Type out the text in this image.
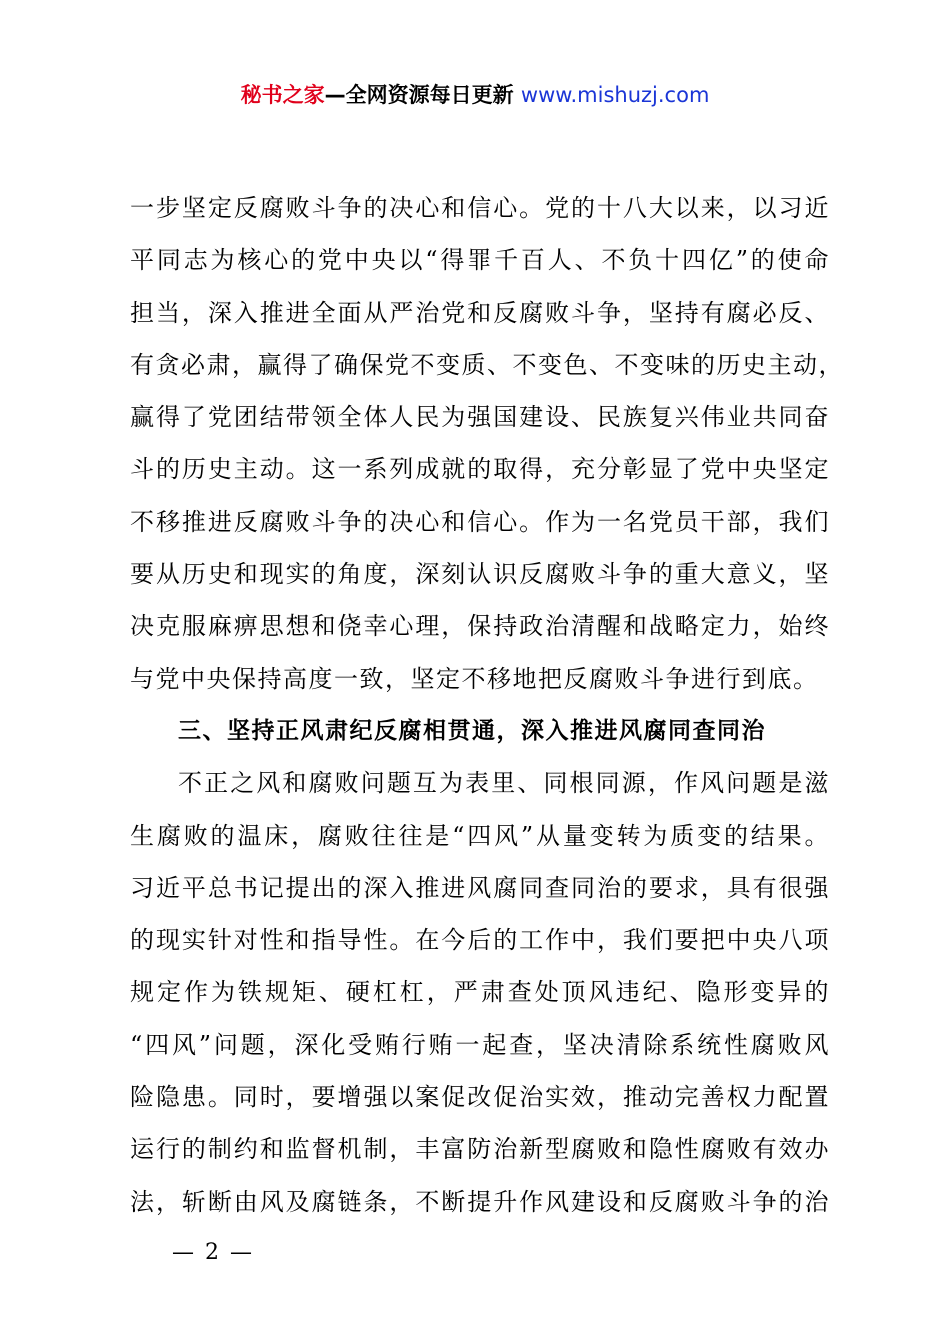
秘书之家—全网资源每日更新 www.mishuzj.com
一步坚定反腐败斗争的决心和信心。党的十八大以来，以习近
平同志为核心的党中央以“得罪千百人、不负十四亿”的使命
担当，深入推进全面从严治党和反腐败斗争，坚持有腐必反、
有贪必肃，赢得了确保党不变质、不变色、不变味的历史主动，
赢得了党团结带领全体人民为强国建设、民族复兴伟业共同奋
斗的历史主动。这一系列成就的取得，充分彰显了党中央坚定
不移推进反腐败斗争的决心和信心。作为一名党员干部，我们
要从历史和现实的角度，深刻认识反腐败斗争的重大意义，坚
决克服麻痹思想和侥幸心理，保持政治清醒和战略定力，始终
与党中央保持高度一致，坚定不移地把反腐败斗争进行到底。
三、坚持正风肃纪反腐相贯通，深入推进风腐同查同治
不正之风和腐败问题互为表里、同根同源，作风问题是滋
生腐败的温床，腐败往往是“四风”从量变转为质变的结果。
习近平总书记提出的深入推进风腐同查同治的要求，具有很强
的现实针对性和指导性。在今后的工作中，我们要把中央八项
规定作为铁规矩、硬杠杠，严肃查处顶风违纪、隐形变异的
“四风”问题，深化受贿行贿一起查，坚决清除系统性腐败风
险隐患。同时，要增强以案促改促治实效，推动完善权力配置
运行的制约和监督机制，丰富防治新型腐败和隐性腐败有效办
法，斩断由风及腐链条，不断提升作风建设和反腐败斗争的治
— 2 —
